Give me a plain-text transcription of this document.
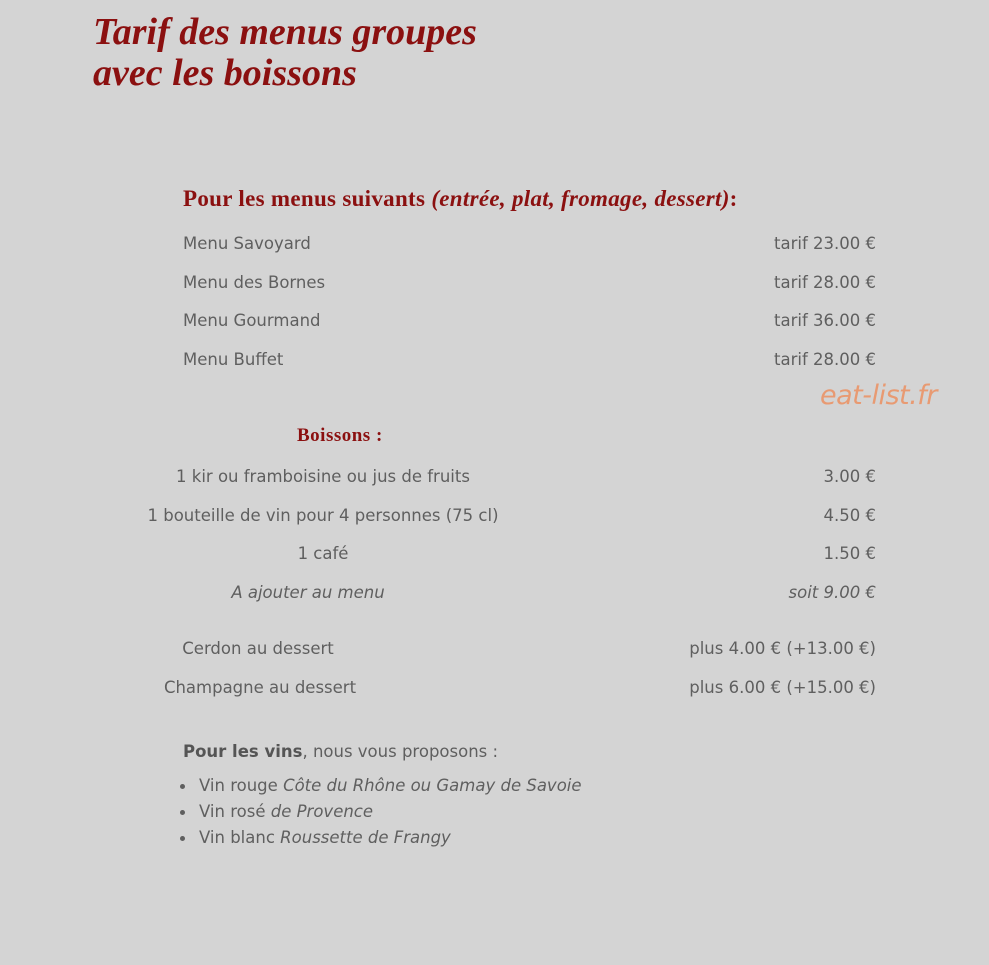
Tarif des menus groupes
avec les boissons
Pour les menus suivants (entrée, plat, fromage, dessert):
Menu Savoyard	tarif 23.00 €
Menu des Bornes	tarif 28.00 €
Menu Gourmand	tarif 36.00 €
Menu Buffet	tarif 28.00 €
eat-list.fr
Boissons :
1 kir ou framboisine ou jus de fruits	3.00 €
1 bouteille de vin pour 4 personnes (75 cl)	4.50 €
1 café	1.50 €
A ajouter au menu	soit 9.00 €
Cerdon au dessert	plus 4.00 € (+13.00 €)
Champagne au dessert	plus 6.00 € (+15.00 €)
Pour les vins, nous vous proposons :
Vin rouge Côte du Rhône ou Gamay de Savoie
Vin rosé de Provence
Vin blanc Roussette de Frangy
